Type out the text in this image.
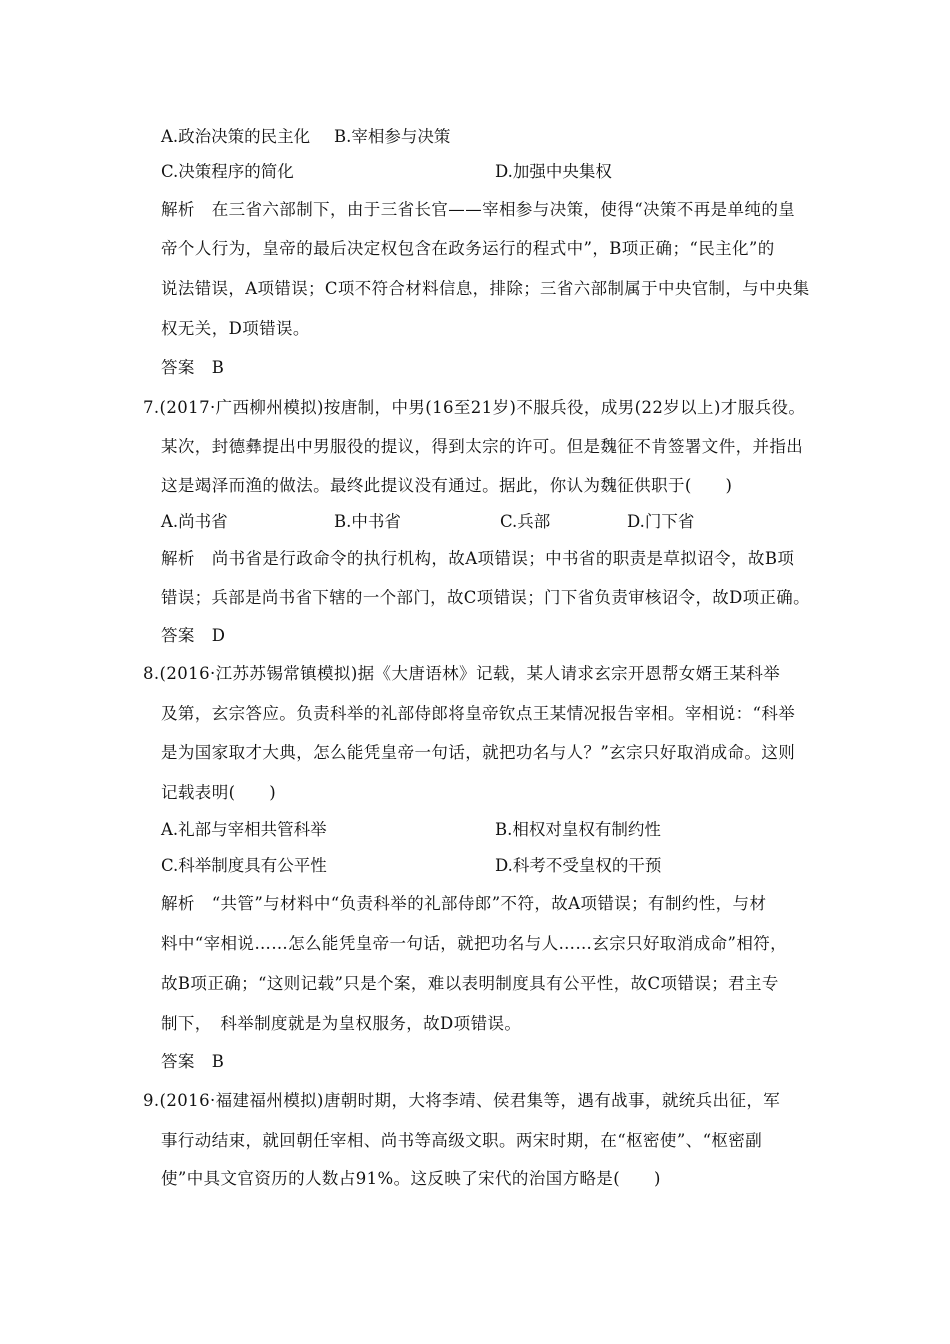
A.政治决策的民主化 B.宰相参与决策
C.决策程序的简化	D.加强中央集权
解析　在三省六部制下，由于三省长官——宰相参与决策，使得“决策不再是单纯的皇
帝个人行为，皇帝的最后决定权包含在政务运行的程式中”，B项正确；“民主化”的
说法错误，A项错误；C项不符合材料信息，排除；三省六部制属于中央官制，与中央集
权无关，D项错误。
答案　B
7.(2017·广西柳州模拟)按唐制，中男(16至21岁)不服兵役，成男(22岁以上)才服兵役。
某次，封德彝提出中男服役的提议，得到太宗的许可。但是魏征不肯签署文件，并指出
这是竭泽而渔的做法。最终此提议没有通过。据此，你认为魏征供职于(　　)
A.尚书省	B.中书省	C.兵部	D.门下省
解析　尚书省是行政命令的执行机构，故A项错误；中书省的职责是草拟诏令，故B项
错误；兵部是尚书省下辖的一个部门，故C项错误；门下省负责审核诏令，故D项正确。
答案　D
8.(2016·江苏苏锡常镇模拟)据《大唐语林》记载，某人请求玄宗开恩帮女婿王某科举
及第，玄宗答应。负责科举的礼部侍郎将皇帝钦点王某情况报告宰相。宰相说：“科举
是为国家取才大典，怎么能凭皇帝一句话，就把功名与人？”玄宗只好取消成命。这则
记载表明(　　)
A.礼部与宰相共管科举	B.相权对皇权有制约性
C.科举制度具有公平性	D.科考不受皇权的干预
解析　“共管”与材料中“负责科举的礼部侍郎”不符，故A项错误；有制约性，与材
料中“宰相说……怎么能凭皇帝一句话，就把功名与人……玄宗只好取消成命”相符，
故B项正确；“这则记载”只是个案，难以表明制度具有公平性，故C项错误；君主专
制下，　科举制度就是为皇权服务，故D项错误。
答案　B
9.(2016·福建福州模拟)唐朝时期，大将李靖、侯君集等，遇有战事，就统兵出征，军
事行动结束，就回朝任宰相、尚书等高级文职。两宋时期，在“枢密使”、“枢密副
使”中具文官资历的人数占91%。这反映了宋代的治国方略是(　　)
